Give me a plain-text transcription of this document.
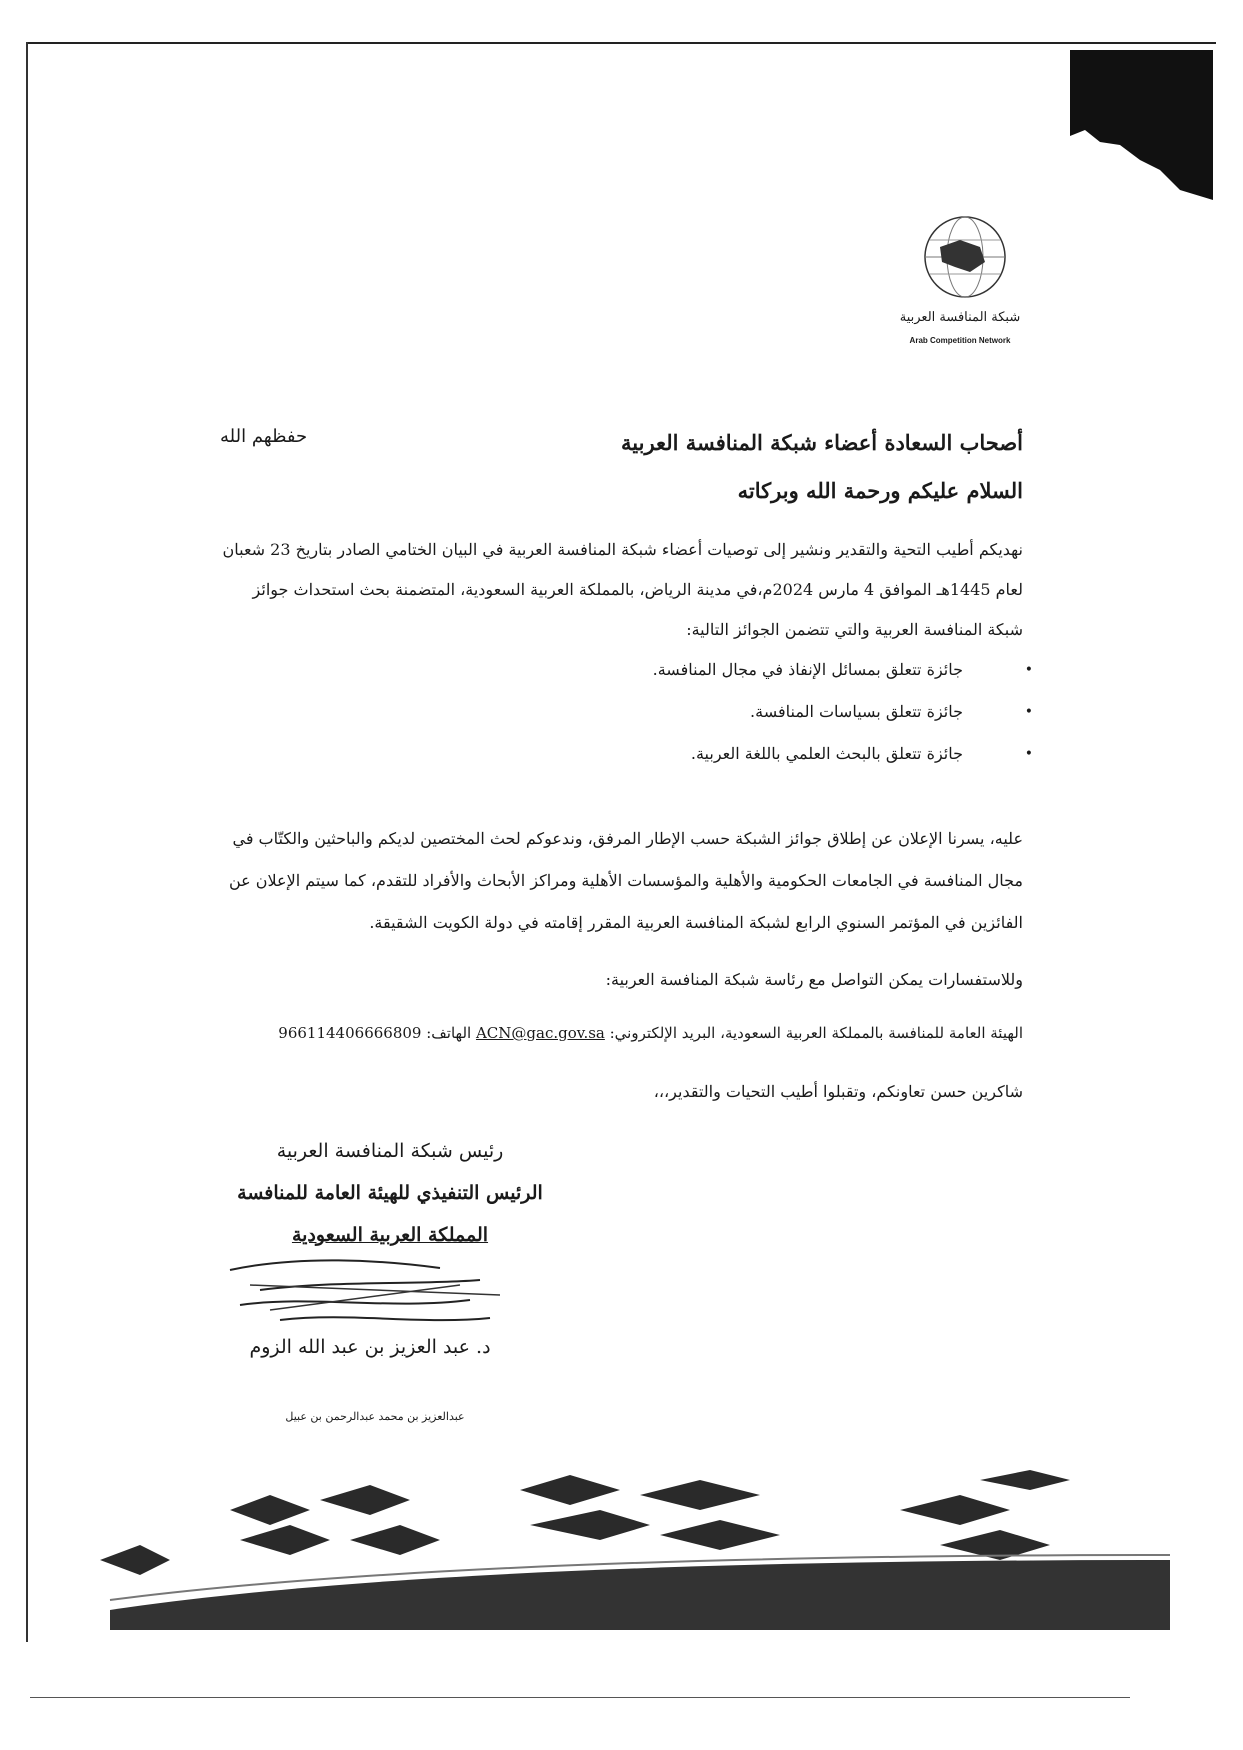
شبكة المنافسة العربية
Arab Competition Network
أصحاب السعادة أعضاء شبكة المنافسة العربية
حفظهم الله
السلام عليكم ورحمة الله وبركاته
نهديكم أطيب التحية والتقدير ونشير إلى توصيات أعضاء شبكة المنافسة العربية في البيان الختامي الصادر بتاريخ 23 شعبان لعام 1445هـ الموافق 4 مارس 2024م،في مدينة الرياض، بالمملكة العربية السعودية، المتضمنة بحث استحداث جوائز شبكة المنافسة العربية والتي تتضمن الجوائز التالية:
•
جائزة تتعلق بمسائل الإنفاذ في مجال المنافسة.
•
جائزة تتعلق بسياسات المنافسة.
•
جائزة تتعلق بالبحث العلمي باللغة العربية.
عليه، يسرنا الإعلان عن إطلاق جوائز الشبكة حسب الإطار المرفق، وندعوكم لحث المختصين لديكم والباحثين والكتّاب في مجال المنافسة في الجامعات الحكومية والأهلية والمؤسسات الأهلية ومراكز الأبحاث والأفراد للتقدم، كما سيتم الإعلان عن الفائزين في المؤتمر السنوي الرابع لشبكة المنافسة العربية المقرر إقامته في دولة الكويت الشقيقة.
وللاستفسارات يمكن التواصل مع رئاسة شبكة المنافسة العربية:
الهيئة العامة للمنافسة بالمملكة العربية السعودية، البريد الإلكتروني: ACN@gac.gov.sa الهاتف: 966114406666809
شاكرين حسن تعاونكم، وتقبلوا أطيب التحيات والتقدير،،،
رئيس شبكة المنافسة العربية
الرئيس التنفيذي للهيئة العامة للمنافسة
المملكة العربية السعودية
د. عبد العزيز بن عبد الله الزوم
عبدالعزيز بن محمد عبدالرحمن بن عبيل
